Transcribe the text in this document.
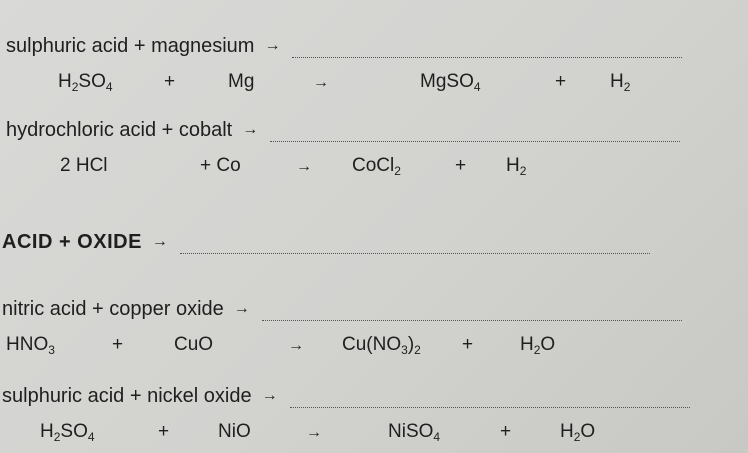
sulphuric acid + magnesium →
$H_2SO_4$	+	Mg	→	MgSO$_4$	+ $H_2$
hydrochloric acid + cobalt →
2 HCl	+ Co	→ CoCl$_2$	+ $H_2$
ACID + OXIDE →
nitric acid + copper oxide →
$HNO_3$	+	CuO	→ $Cu(NO_3)_2 + H_2O$
sulphuric acid + nickel oxide →
$H_2SO_4$	+	NiO	→	NiSO$_4$	+	$H_2O$
